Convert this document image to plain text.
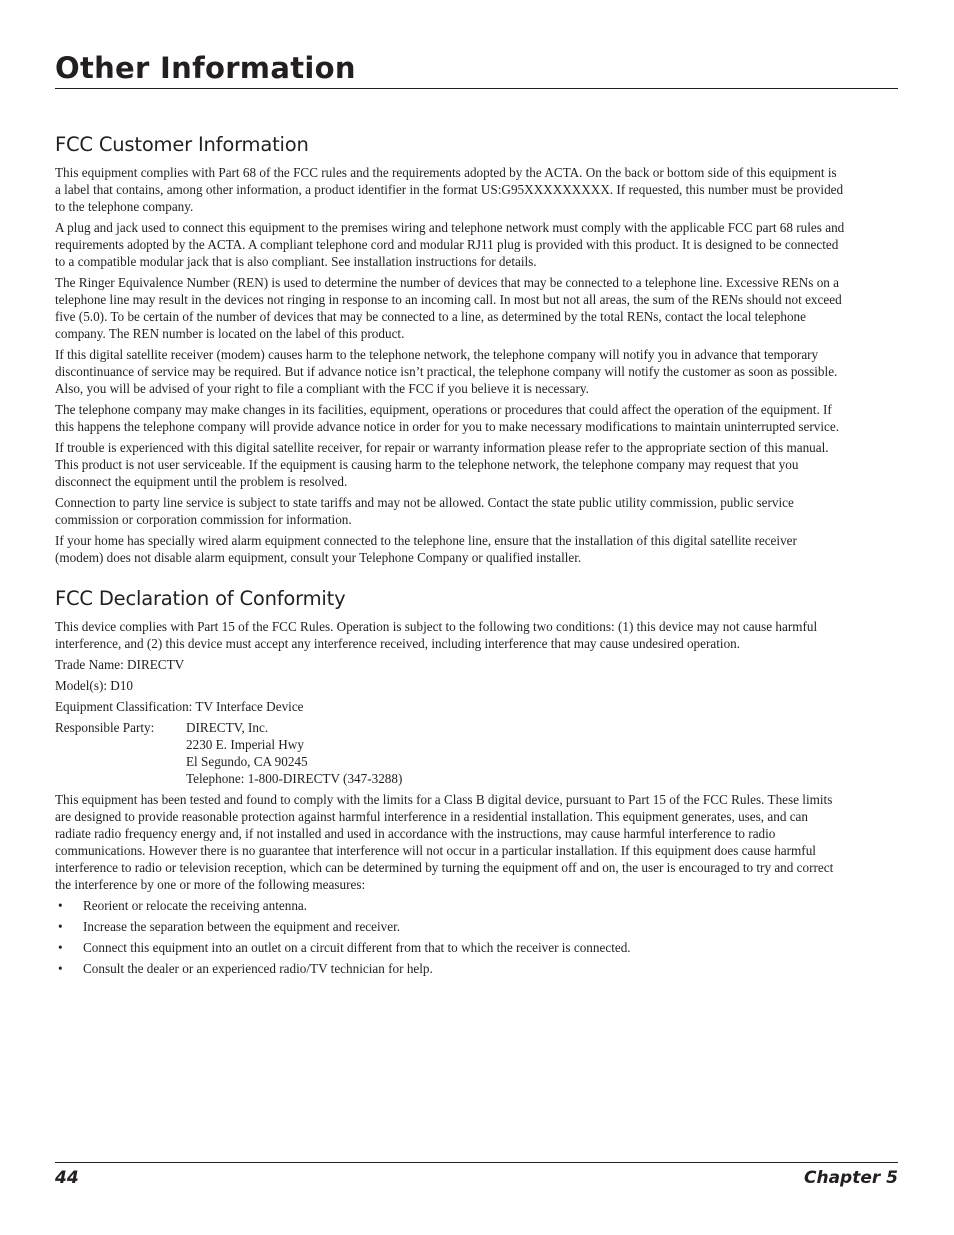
Other Information
FCC Customer Information

This equipment complies with Part 68 of the FCC rules and the requirements adopted by the ACTA. On the back or bottom side of this equipment is a label that contains, among other information, a product identifier in the format US:G95XXXXXXXXX. If requested, this number must be provided to the telephone company.

A plug and jack used to connect this equipment to the premises wiring and telephone network must comply with the applicable FCC part 68 rules and requirements adopted by the ACTA. A compliant telephone cord and modular RJ11 plug is provided with this product. It is designed to be connected to a compatible modular jack that is also compliant. See installation instructions for details.

The Ringer Equivalence Number (REN) is used to determine the number of devices that may be connected to a telephone line. Excessive RENs on a telephone line may result in the devices not ringing in response to an incoming call. In most but not all areas, the sum of the RENs should not exceed five (5.0). To be certain of the number of devices that may be connected to a line, as determined by the total RENs, contact the local telephone company. The REN number is located on the label of this product.

If this digital satellite receiver (modem) causes harm to the telephone network, the telephone company will notify you in advance that temporary discontinuance of service may be required. But if advance notice isn’t practical, the telephone company will notify the customer as soon as possible. Also, you will be advised of your right to file a compliant with the FCC if you believe it is necessary.

The telephone company may make changes in its facilities, equipment, operations or procedures that could affect the operation of the equipment. If this happens the telephone company will provide advance notice in order for you to make necessary modifications to maintain uninterrupted service.

If trouble is experienced with this digital satellite receiver, for repair or warranty information please refer to the appropriate section of this manual. This product is not user serviceable. If the equipment is causing harm to the telephone network, the telephone company may request that you disconnect the equipment until the problem is resolved.

Connection to party line service is subject to state tariffs and may not be allowed. Contact the state public utility commission, public service commission or corporation commission for information.

If your home has specially wired alarm equipment connected to the telephone line, ensure that the installation of this digital satellite receiver (modem) does not disable alarm equipment, consult your Telephone Company or qualified installer.

FCC Declaration of Conformity

This device complies with Part 15 of the FCC Rules. Operation is subject to the following two conditions: (1) this device may not cause harmful interference, and (2) this device must accept any interference received, including interference that may cause undesired operation.

Trade Name: DIRECTV

Model(s): D10

Equipment Classification: TV Interface Device

Responsible Party:	DIRECTV, Inc.
2230 E. Imperial Hwy
El Segundo, CA 90245
Telephone: 1-800-DIRECTV (347-3288)

This equipment has been tested and found to comply with the limits for a Class B digital device, pursuant to Part 15 of the FCC Rules. These limits are designed to provide reasonable protection against harmful interference in a residential installation. This equipment generates, uses, and can radiate radio frequency energy and, if not installed and used in accordance with the instructions, may cause harmful interference to radio communications. However there is no guarantee that interference will not occur in a particular installation. If this equipment does cause harmful interference to radio or television reception, which can be determined by turning the equipment off and on, the user is encouraged to try and correct the interference by one or more of the following measures:

•	Reorient or relocate the receiving antenna.
•	Increase the separation between the equipment and receiver.
•	Connect this equipment into an outlet on a circuit different from that to which the receiver is connected.
•	Consult the dealer or an experienced radio/TV technician for help.
44	Chapter 5
